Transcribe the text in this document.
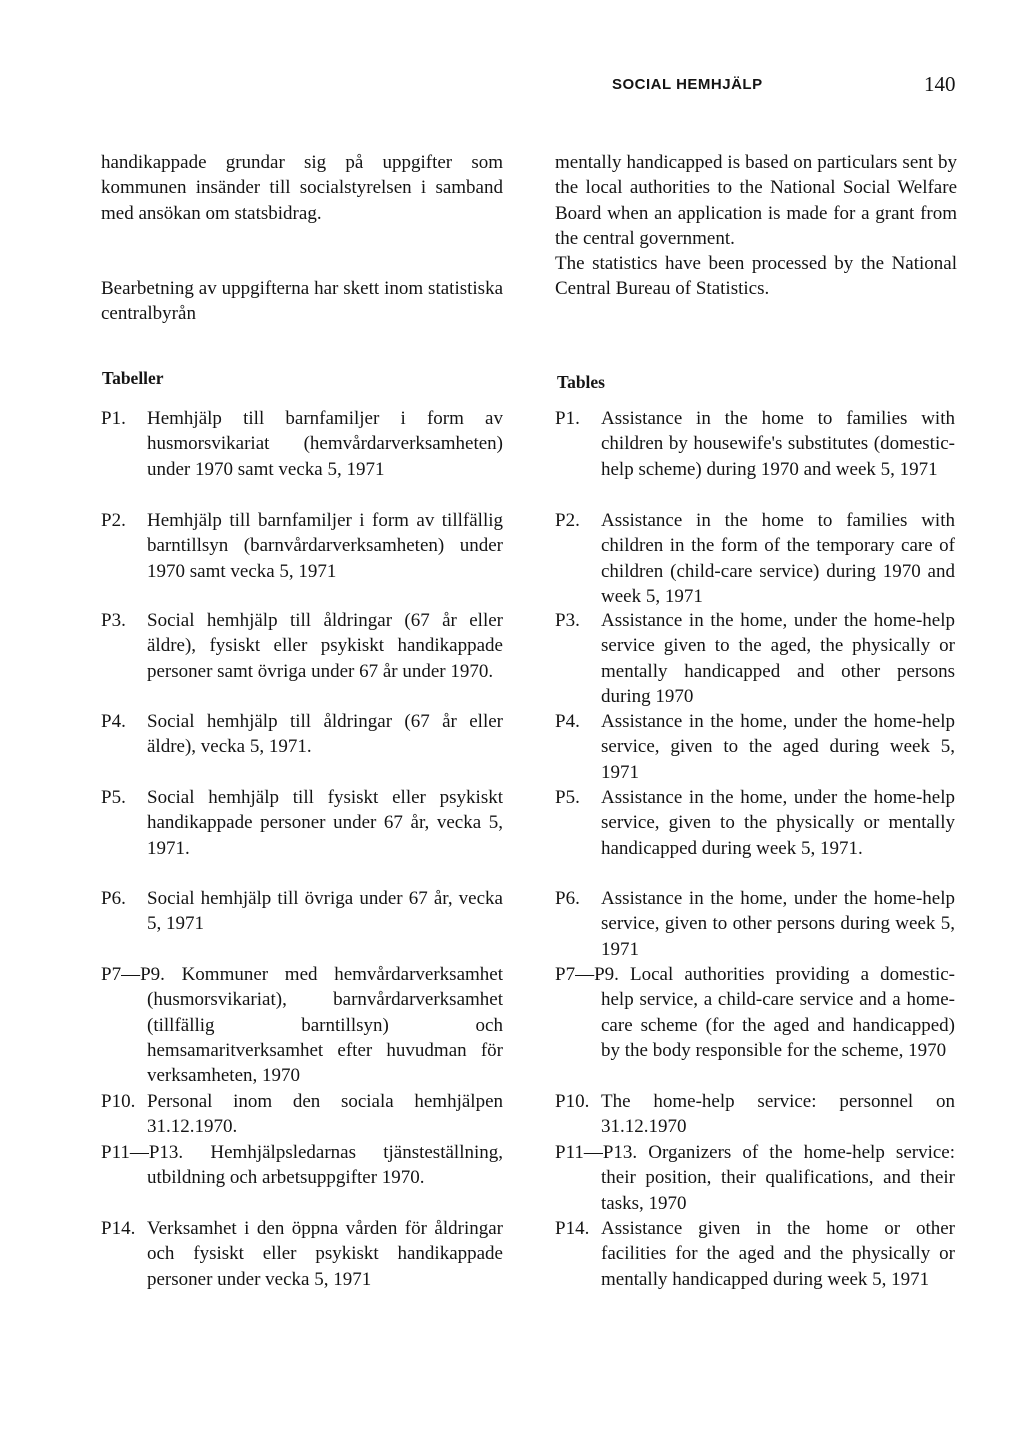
SOCIAL HEMHJÄLP	140

handikappade grundar sig på uppgifter som kommunen insänder till socialstyrelsen i samband med ansökan om statsbidrag.

Bearbetning av uppgifterna har skett inom statistiska centralbyrån

mentally handicapped is based on particulars sent by the local authorities to the National Social Welfare Board when an application is made for a grant from the central government.

The statistics have been processed by the National Central Bureau of Statistics.

Tabeller	Tables
P1. Hemhjälp till barnfamiljer i form av husmorsvikariat (hemvårdarverksamheten) under 1970 samt vecka 5, 1971
P2. Hemhjälp till barnfamiljer i form av tillfällig barntillsyn (barnvårdarverksamheten) under 1970 samt vecka 5, 1971
P3. Social hemhjälp till åldringar (67 år eller äldre), fysiskt eller psykiskt handikappade personer samt övriga under 67 år under 1970.
P4. Social hemhjälp till åldringar (67 år eller äldre), vecka 5, 1971.
P5. Social hemhjälp till fysiskt eller psykiskt handikappade personer under 67 år, vecka 5, 1971.
P6. Social hemhjälp till övriga under 67 år, vecka 5, 1971
P7—P9. Kommuner med hemvårdarverksamhet (husmorsvikariat), barnvårdarverksamhet (tillfällig barntillsyn) och hemsamaritverksamhet efter huvudman för verksamheten, 1970
P10. Personal inom den sociala hemhjälpen 31.12.1970.
P11—P13. Hemhjälpsledarnas tjänsteställning, utbildning och arbetsuppgifter 1970.
P14. Verksamhet i den öppna vården för åldringar och fysiskt eller psykiskt handikappade personer under vecka 5, 1971
P1. Assistance in the home to families with children by housewife's substitutes (domestic-help scheme) during 1970 and week 5, 1971
P2. Assistance in the home to families with children in the form of the temporary care of children (child-care service) during 1970 and week 5, 1971
P3. Assistance in the home, under the home-help service given to the aged, the physically or mentally handicapped and other persons during 1970
P4. Assistance in the home, under the home-help service, given to the aged during week 5, 1971
P5. Assistance in the home, under the home-help service, given to the physically or mentally handicapped during week 5, 1971.
P6. Assistance in the home, under the home-help service, given to other persons during week 5, 1971
P7—P9. Local authorities providing a domestic-help service, a child-care service and a home-care scheme (for the aged and handicapped) by the body responsible for the scheme, 1970
P10. The home-help service: personnel on 31.12.1970
P11—P13. Organizers of the home-help service: their position, their qualifications, and their tasks, 1970
P14. Assistance given in the home or other facilities for the aged and the physically or mentally handicapped during week 5, 1971
